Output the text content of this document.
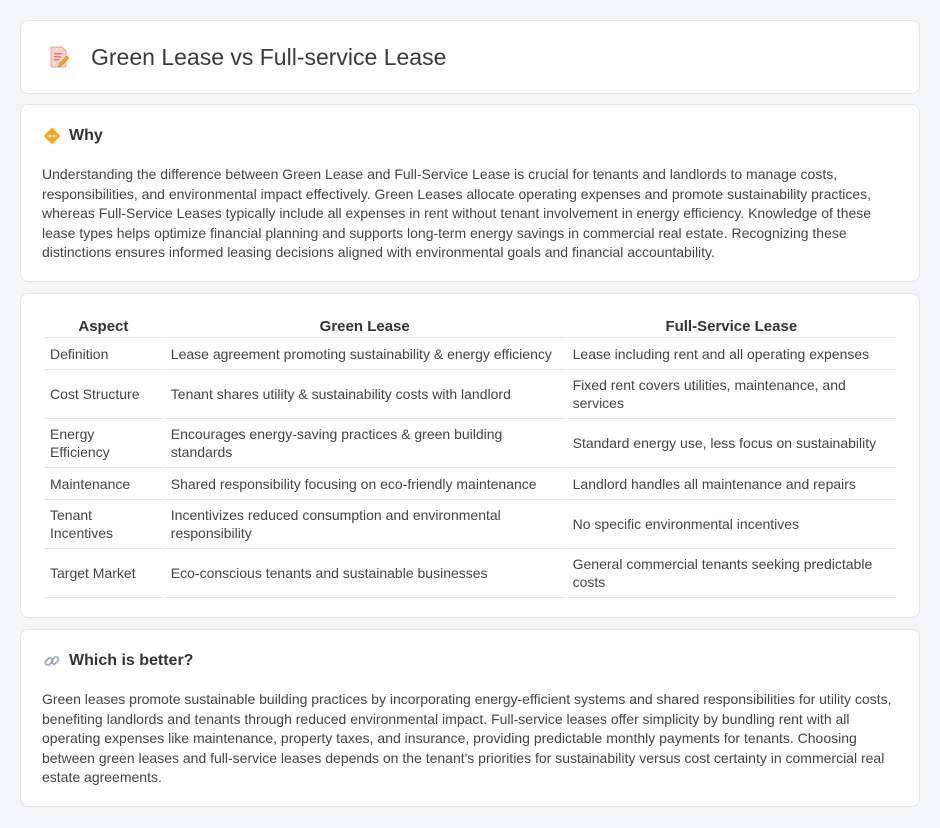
Green Lease vs Full-service Lease
Why

Understanding the difference between Green Lease and Full-Service Lease is crucial for tenants and landlords to manage costs, responsibilities, and environmental impact effectively. Green Leases allocate operating expenses and promote sustainability practices, whereas Full-Service Leases typically include all expenses in rent without tenant involvement in energy efficiency. Knowledge of these lease types helps optimize financial planning and supports long-term energy savings in commercial real estate. Recognizing these distinctions ensures informed leasing decisions aligned with environmental goals and financial accountability.

Aspect	Green Lease	Full-Service Lease
Definition	Lease agreement promoting sustainability & energy efficiency	Lease including rent and all operating expenses
Cost Structure	Tenant shares utility & sustainability costs with landlord	Fixed rent covers utilities, maintenance, and services
Energy Efficiency	Encourages energy-saving practices & green building standards	Standard energy use, less focus on sustainability
Maintenance	Shared responsibility focusing on eco-friendly maintenance	Landlord handles all maintenance and repairs
Tenant Incentives	Incentivizes reduced consumption and environmental responsibility	No specific environmental incentives
Target Market	Eco-conscious tenants and sustainable businesses	General commercial tenants seeking predictable costs
Which is better?

Green leases promote sustainable building practices by incorporating energy-efficient systems and shared responsibilities for utility costs, benefiting landlords and tenants through reduced environmental impact. Full-service leases offer simplicity by bundling rent with all operating expenses like maintenance, property taxes, and insurance, providing predictable monthly payments for tenants. Choosing between green leases and full-service leases depends on the tenant's priorities for sustainability versus cost certainty in commercial real estate agreements.
